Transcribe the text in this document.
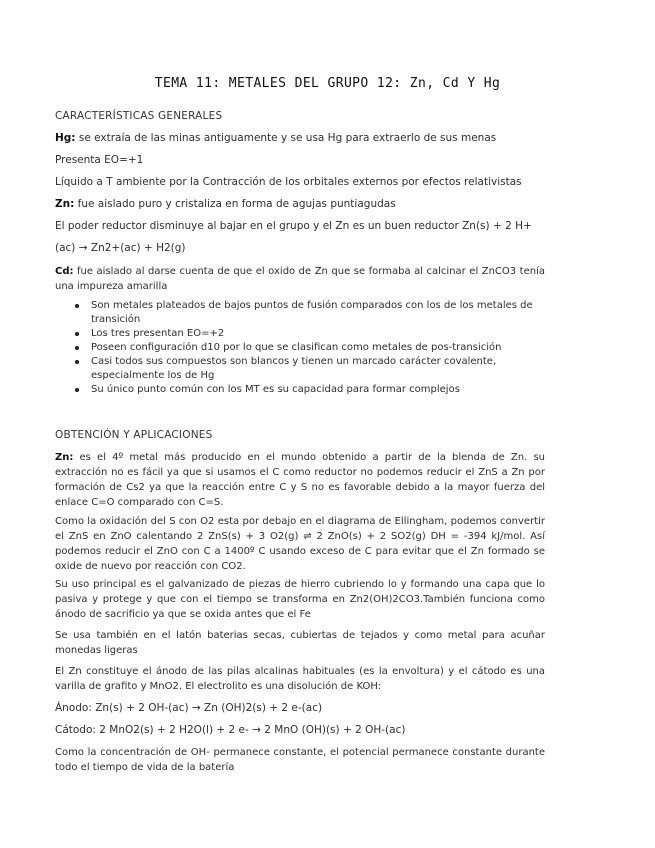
TEMA 11: METALES DEL GRUPO 12: Zn, Cd Y Hg
CARACTERÍSTICAS GENERALES
Hg: se extraía de las minas antiguamente y se usa Hg para extraerlo de sus menas
Presenta EO=+1
Líquido a T ambiente por la Contracción de los orbitales externos por efectos relativistas
Zn: fue aislado puro y cristaliza en forma de agujas puntiagudas
El poder reductor disminuye al bajar en el grupo y el Zn es un buen reductor Zn(s) + 2 H+
(ac) → Zn2+(ac) + H2(g)
Cd: fue aislado al darse cuenta de que el oxido de Zn que se formaba al calcinar el ZnCO3 tenía una impureza amarilla
Son metales plateados de bajos puntos de fusión comparados con los de los metales de transición
Los tres presentan EO=+2
Poseen configuración d10 por lo que se clasifican como metales de pos-transición
Casi todos sus compuestos son blancos y tienen un marcado carácter covalente, especialmente los de Hg
Su único punto común con los MT es su capacidad para formar complejos
OBTENCIÓN Y APLICACIONES
Zn: es el 4º metal más producido en el mundo obtenido a partir de la blenda de Zn. su extracción no es fácil ya que si usamos el C como reductor no podemos reducir el ZnS a Zn por formación de Cs2 ya que la reacción entre C y S no es favorable debido a la mayor fuerza del enlace C=O comparado con C=S.
Como la oxidación del S con O2 esta por debajo en el diagrama de Ellingham, podemos convertir el ZnS en ZnO calentando 2 ZnS(s) + 3 O2(g) ⇌ 2 ZnO(s) + 2 SO2(g) DH = -394 kJ/mol. Así podemos reducir el ZnO con C a 1400º C usando exceso de C para evitar que el Zn formado se oxide de nuevo por reacción con CO2.
Su uso principal es el galvanizado de piezas de hierro cubriendo lo y formando una capa que lo pasiva y protege y que con el tiempo se transforma en Zn2(OH)2CO3.También funciona como ánodo de sacrificio ya que se oxida antes que el Fe
Se usa también en el latón baterias secas, cubiertas de tejados y como metal para acuñar monedas ligeras
El Zn constituye el ánodo de las pilas alcalinas habituales (es la envoltura) y el cátodo es una varilla de grafito y MnO2. El electrolito es una disolución de KOH:
Ánodo: Zn(s) + 2 OH-(ac) → Zn (OH)2(s) + 2 e-(ac)
Cátodo: 2 MnO2(s) + 2 H2O(l) + 2 e- → 2 MnO (OH)(s) + 2 OH-(ac)
Como la concentración de OH- permanece constante, el potencial permanece constante durante todo el tiempo de vida de la batería
